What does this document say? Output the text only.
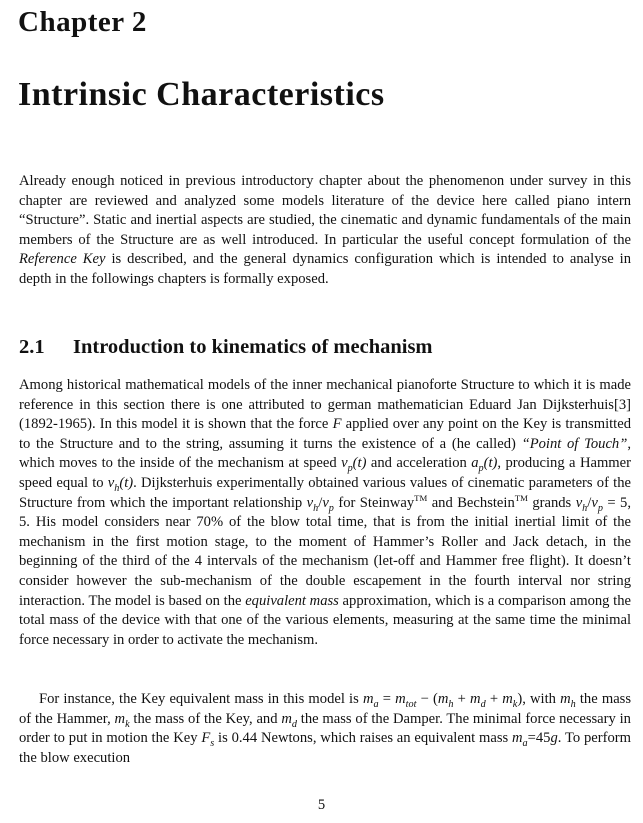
Chapter 2
Intrinsic Characteristics

Already enough noticed in previous introductory chapter about the phenomenon under survey in this chapter are reviewed and analyzed some models literature of the device here called piano intern “Structure”. Static and inertial aspects are studied, the cinematic and dynamic fundamentals of the main members of the Structure are as well introduced. In particular the useful concept formulation of the Reference Key is described, and the general dynamics configuration which is intended to analyse in depth in the followings chapters is formally exposed.

2.1 Introduction to kinematics of mechanism

Among historical mathematical models of the inner mechanical pianoforte Structure to which it is made reference in this section there is one attributed to german mathematician Eduard Jan Dijksterhuis[3] (1892-1965). In this model it is shown that the force F applied over any point on the Key is transmitted to the Structure and to the string, assuming it turns the existence of a (he called) “Point of Touch”, which moves to the inside of the mechanism at speed $v_p(t)$ and acceleration $a_p(t)$, producing a Hammer speed equal to $v_h(t)$. Dijksterhuis experimentally obtained various values of cinematic parameters of the Structure from which the important relationship $v_h/v_p$ for Steinway™ and Bechstein™ grands $v_h/v_p = 5$, 5. His model considers near 70% of the blow total time, that is from the initial inertial limit of the mechanism in the first motion stage, to the moment of Hammer’s Roller and Jack detach, in the beginning of the third of the 4 intervals of the mechanism (let-off and Hammer free flight). It doesn’t consider however the sub-mechanism of the double escapement in the fourth interval nor string interaction. The model is based on the equivalent mass approximation, which is a comparison among the total mass of the device with that one of the various elements, measuring at the same time the minimal force necessary in order to activate the mechanism.

For instance, the Key equivalent mass in this model is $m_a = m_{tot} - (m_h + m_d + m_k)$, with $m_h$ the mass of the Hammer, $m_k$ the mass of the Key, and $m_d$ the mass of the Damper. The minimal force necessary in order to put in motion the Key $F_s$ is 0.44 Newtons, which raises an equivalent mass $m_a=45g$. To perform the blow execution

5
